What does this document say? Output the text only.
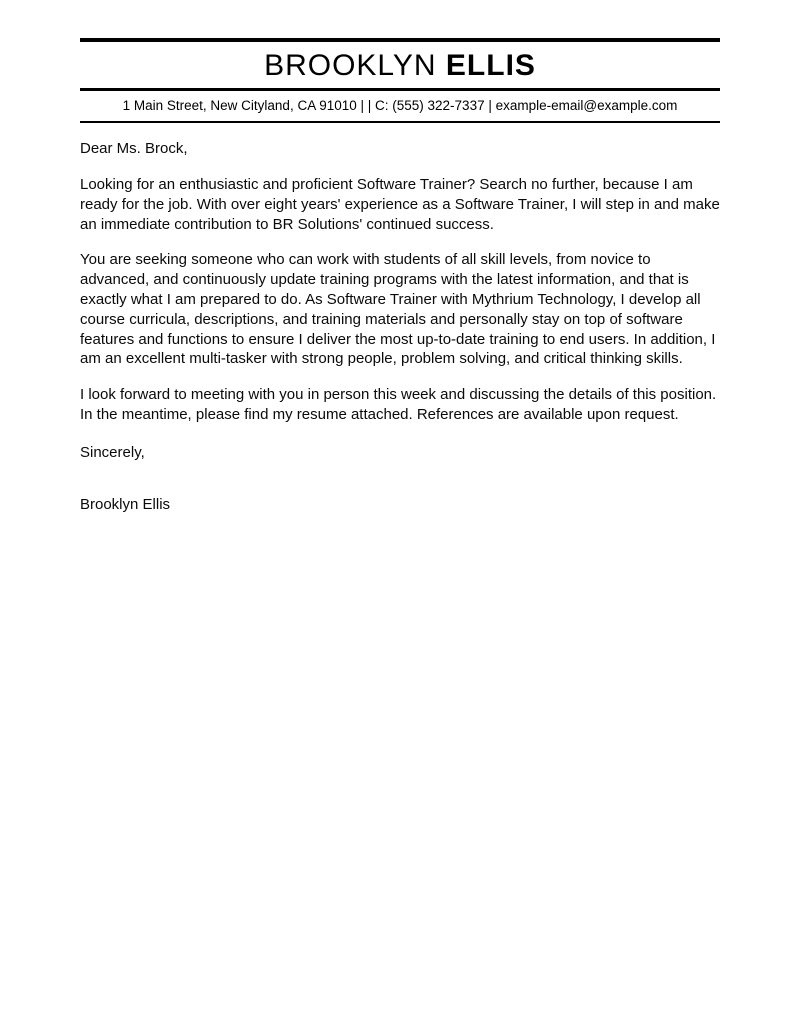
BROOKLYN ELLIS
1 Main Street, New Cityland, CA 91010 | | C: (555) 322-7337 | example-email@example.com

Dear Ms. Brock,

Looking for an enthusiastic and proficient Software Trainer? Search no further, because I am ready for the job. With over eight years' experience as a Software Trainer, I will step in and make an immediate contribution to BR Solutions' continued success.

You are seeking someone who can work with students of all skill levels, from novice to advanced, and continuously update training programs with the latest information, and that is exactly what I am prepared to do. As Software Trainer with Mythrium Technology, I develop all course curricula, descriptions, and training materials and personally stay on top of software features and functions to ensure I deliver the most up-to-date training to end users. In addition, I am an excellent multi-tasker with strong people, problem solving, and critical thinking skills.

I look forward to meeting with you in person this week and discussing the details of this position. In the meantime, please find my resume attached. References are available upon request.

Sincerely,

Brooklyn Ellis
